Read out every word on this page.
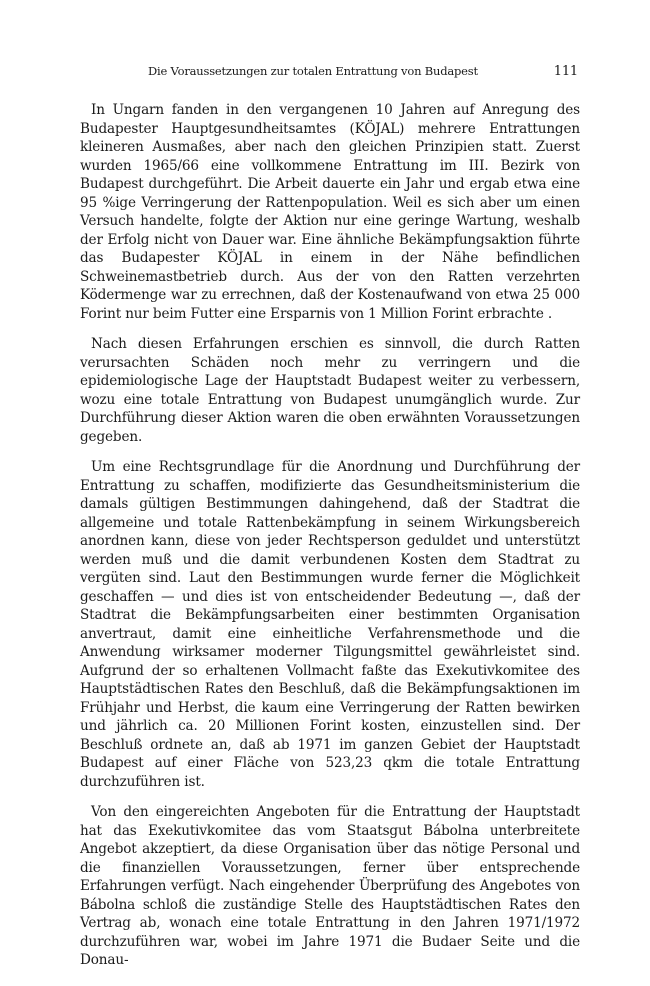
Die Voraussetzungen zur totalen Entrattung von Budapest	111

In Ungarn fanden in den vergangenen 10 Jahren auf Anregung des Budapester Hauptgesundheitsamtes (KÖJAL) mehrere Entrattungen kleineren Ausmaßes, aber nach den gleichen Prinzipien statt. Zuerst wurden 1965/66 eine vollkommene Entrattung im III. Bezirk von Budapest durchgeführt. Die Arbeit dauerte ein Jahr und ergab etwa eine 95 %ige Verringerung der Rattenpopulation. Weil es sich aber um einen Versuch handelte, folgte der Aktion nur eine geringe Wartung, weshalb der Erfolg nicht von Dauer war. Eine ähnliche Bekämpfungsaktion führte das Budapester KÖJAL in einem in der Nähe befindlichen Schweinemastbetrieb durch. Aus der von den Ratten verzehrten Ködermenge war zu errechnen, daß der Kostenaufwand von etwa 25 000 Forint nur beim Futter eine Ersparnis von 1 Million Forint erbrachte .

Nach diesen Erfahrungen erschien es sinnvoll, die durch Ratten verursachten Schäden noch mehr zu verringern und die epidemiologische Lage der Hauptstadt Budapest weiter zu verbessern, wozu eine totale Entrattung von Budapest unumgänglich wurde. Zur Durchführung dieser Aktion waren die oben erwähnten Voraussetzungen gegeben.

Um eine Rechtsgrundlage für die Anordnung und Durchführung der Entrattung zu schaffen, modifizierte das Gesundheitsministerium die damals gültigen Bestimmungen dahingehend, daß der Stadtrat die allgemeine und totale Rattenbekämpfung in seinem Wirkungsbereich anordnen kann, diese von jeder Rechtsperson geduldet und unterstützt werden muß und die damit verbundenen Kosten dem Stadtrat zu vergüten sind. Laut den Bestimmungen wurde ferner die Möglichkeit geschaffen — und dies ist von entscheidender Bedeutung —, daß der Stadtrat die Bekämpfungsarbeiten einer bestimmten Organisation anvertraut, damit eine einheitliche Verfahrensmethode und die Anwendung wirksamer moderner Tilgungsmittel gewährleistet sind. Aufgrund der so erhaltenen Vollmacht faßte das Exekutivkomitee des Hauptstädtischen Rates den Beschluß, daß die Bekämpfungsaktionen im Frühjahr und Herbst, die kaum eine Verringerung der Ratten bewirken und jährlich ca. 20 Millionen Forint kosten, einzustellen sind. Der Beschluß ordnete an, daß ab 1971 im ganzen Gebiet der Hauptstadt Budapest auf einer Fläche von 523,23 qkm die totale Entrattung durchzuführen ist.

Von den eingereichten Angeboten für die Entrattung der Hauptstadt hat das Exekutivkomitee das vom Staatsgut Bábolna unterbreitete Angebot akzeptiert, da diese Organisation über das nötige Personal und die finanziellen Voraussetzungen, ferner über entsprechende Erfahrungen verfügt. Nach eingehender Überprüfung des Angebotes von Bábolna schloß die zuständige Stelle des Hauptstädtischen Rates den Vertrag ab, wonach eine totale Entrattung in den Jahren 1971/1972 durchzuführen war, wobei im Jahre 1971 die Budaer Seite und die Donau-
